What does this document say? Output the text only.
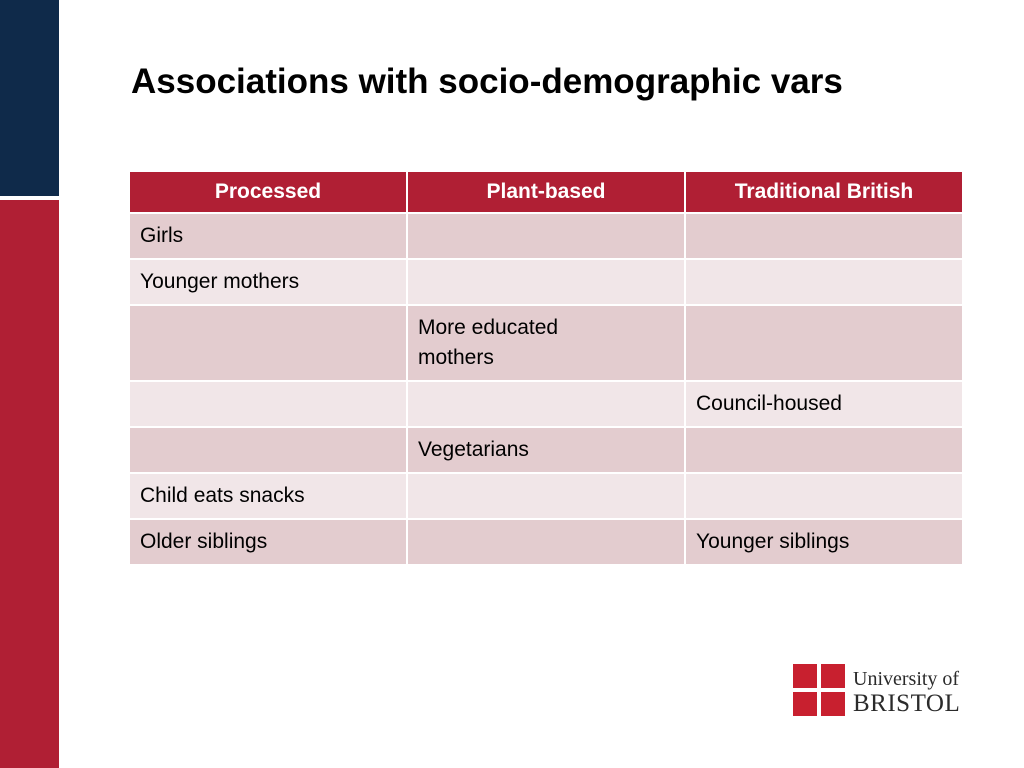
Associations with socio-demographic vars
Processed	Plant-based	Traditional British
Girls		
Younger mothers		
	More educated mothers	
		Council-housed
	Vegetarians	
Child eats snacks		
Older siblings		Younger siblings
University of
BRISTOL
